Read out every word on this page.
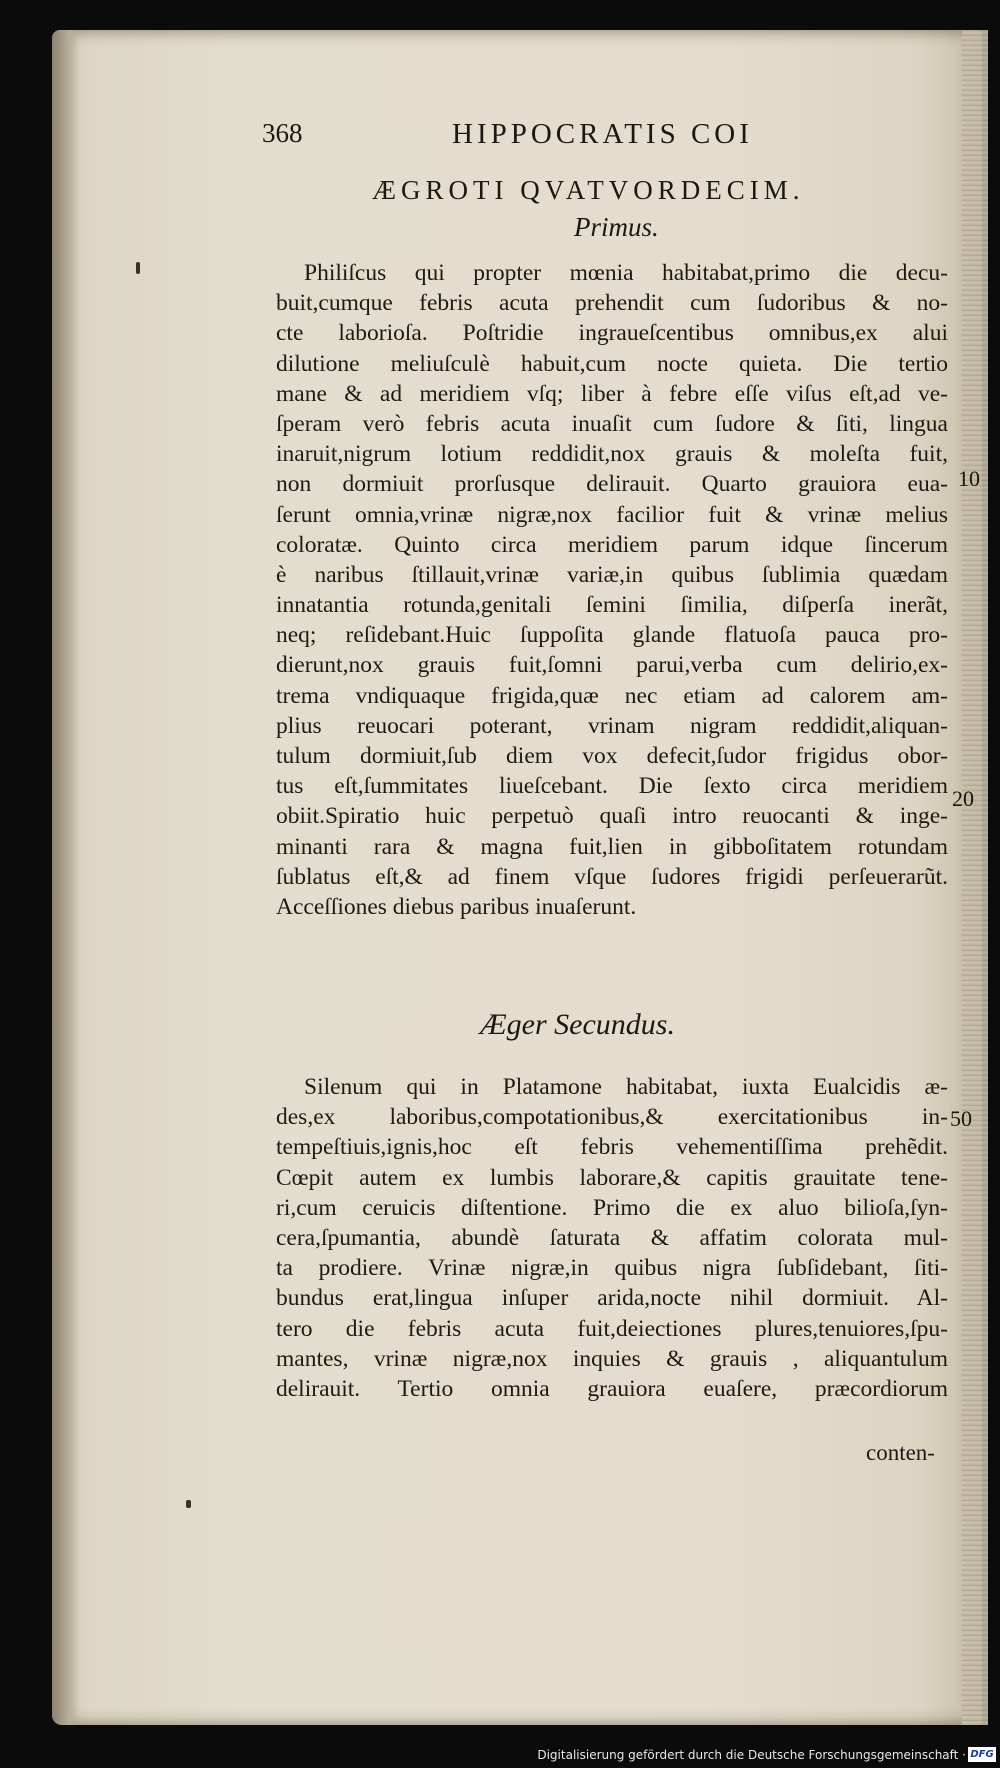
368	HIPPOCRATIS COI
ÆGROTI QVATVORDECIM.
Primus.
Philiſcus qui propter mœnia habitabat,primo die decu-
buit,cumque febris acuta prehendit cum ſudoribus & no-
cte laborioſa. Poſtridie ingraueſcentibus omnibus,ex alui
dilutione meliuſculè habuit,cum nocte quieta. Die tertio
mane & ad meridiem vſq; liber à febre eſſe viſus eſt,ad ve-
ſperam verò febris acuta inuaſit cum ſudore & ſiti, lingua
inaruit,nigrum lotium reddidit,nox grauis & moleſta fuit,
non dormiuit prorſusque delirauit. Quarto grauiora eua-
ſerunt omnia,vrinæ nigræ,nox facilior fuit & vrinæ melius
coloratæ. Quinto circa meridiem parum idque ſincerum
è naribus ſtillauit,vrinæ variæ,in quibus ſublimia quædam
innatantia rotunda,genitali ſemini ſimilia, diſperſa inerãt,
neq; reſidebant.Huic ſuppoſita glande flatuoſa pauca pro-
dierunt,nox grauis fuit,ſomni parui,verba cum delirio,ex-
trema vndiquaque frigida,quæ nec etiam ad calorem am-
plius reuocari poterant, vrinam nigram reddidit,aliquan-
tulum dormiuit,ſub diem vox defecit,ſudor frigidus obor-
tus eſt,ſummitates liueſcebant. Die ſexto circa meridiem
obiit.Spiratio huic perpetuò quaſi intro reuocanti & inge-
minanti rara & magna fuit,lien in gibboſitatem rotundam
ſublatus eſt,& ad finem vſque ſudores frigidi perſeuerarũt.
Acceſſiones diebus paribus inuaſerunt.
Æger Secundus.
Silenum qui in Platamone habitabat, iuxta Eualcidis æ-
des,ex laboribus,compotationibus,& exercitationibus in-
tempeſtiuis,ignis,hoc eſt febris vehementiſſima prehẽdit.
Cœpit autem ex lumbis laborare,& capitis grauitate tene-
ri,cum ceruicis diſtentione. Primo die ex aluo bilioſa,ſyn-
cera,ſpumantia, abundè ſaturata & affatim colorata mul-
ta prodiere. Vrinæ nigræ,in quibus nigra ſubſidebant, ſiti-
bundus erat,lingua inſuper arida,nocte nihil dormiuit. Al-
tero die febris acuta fuit,deiectiones plures,tenuiores,ſpu-
mantes, vrinæ nigræ,nox inquies & grauis , aliquantulum
delirauit. Tertio omnia grauiora euaſere, præcordiorum
conten-
10
20
50
Digitalisierung gefördert durch die Deutsche Forschungsgemeinschaft · DFG
